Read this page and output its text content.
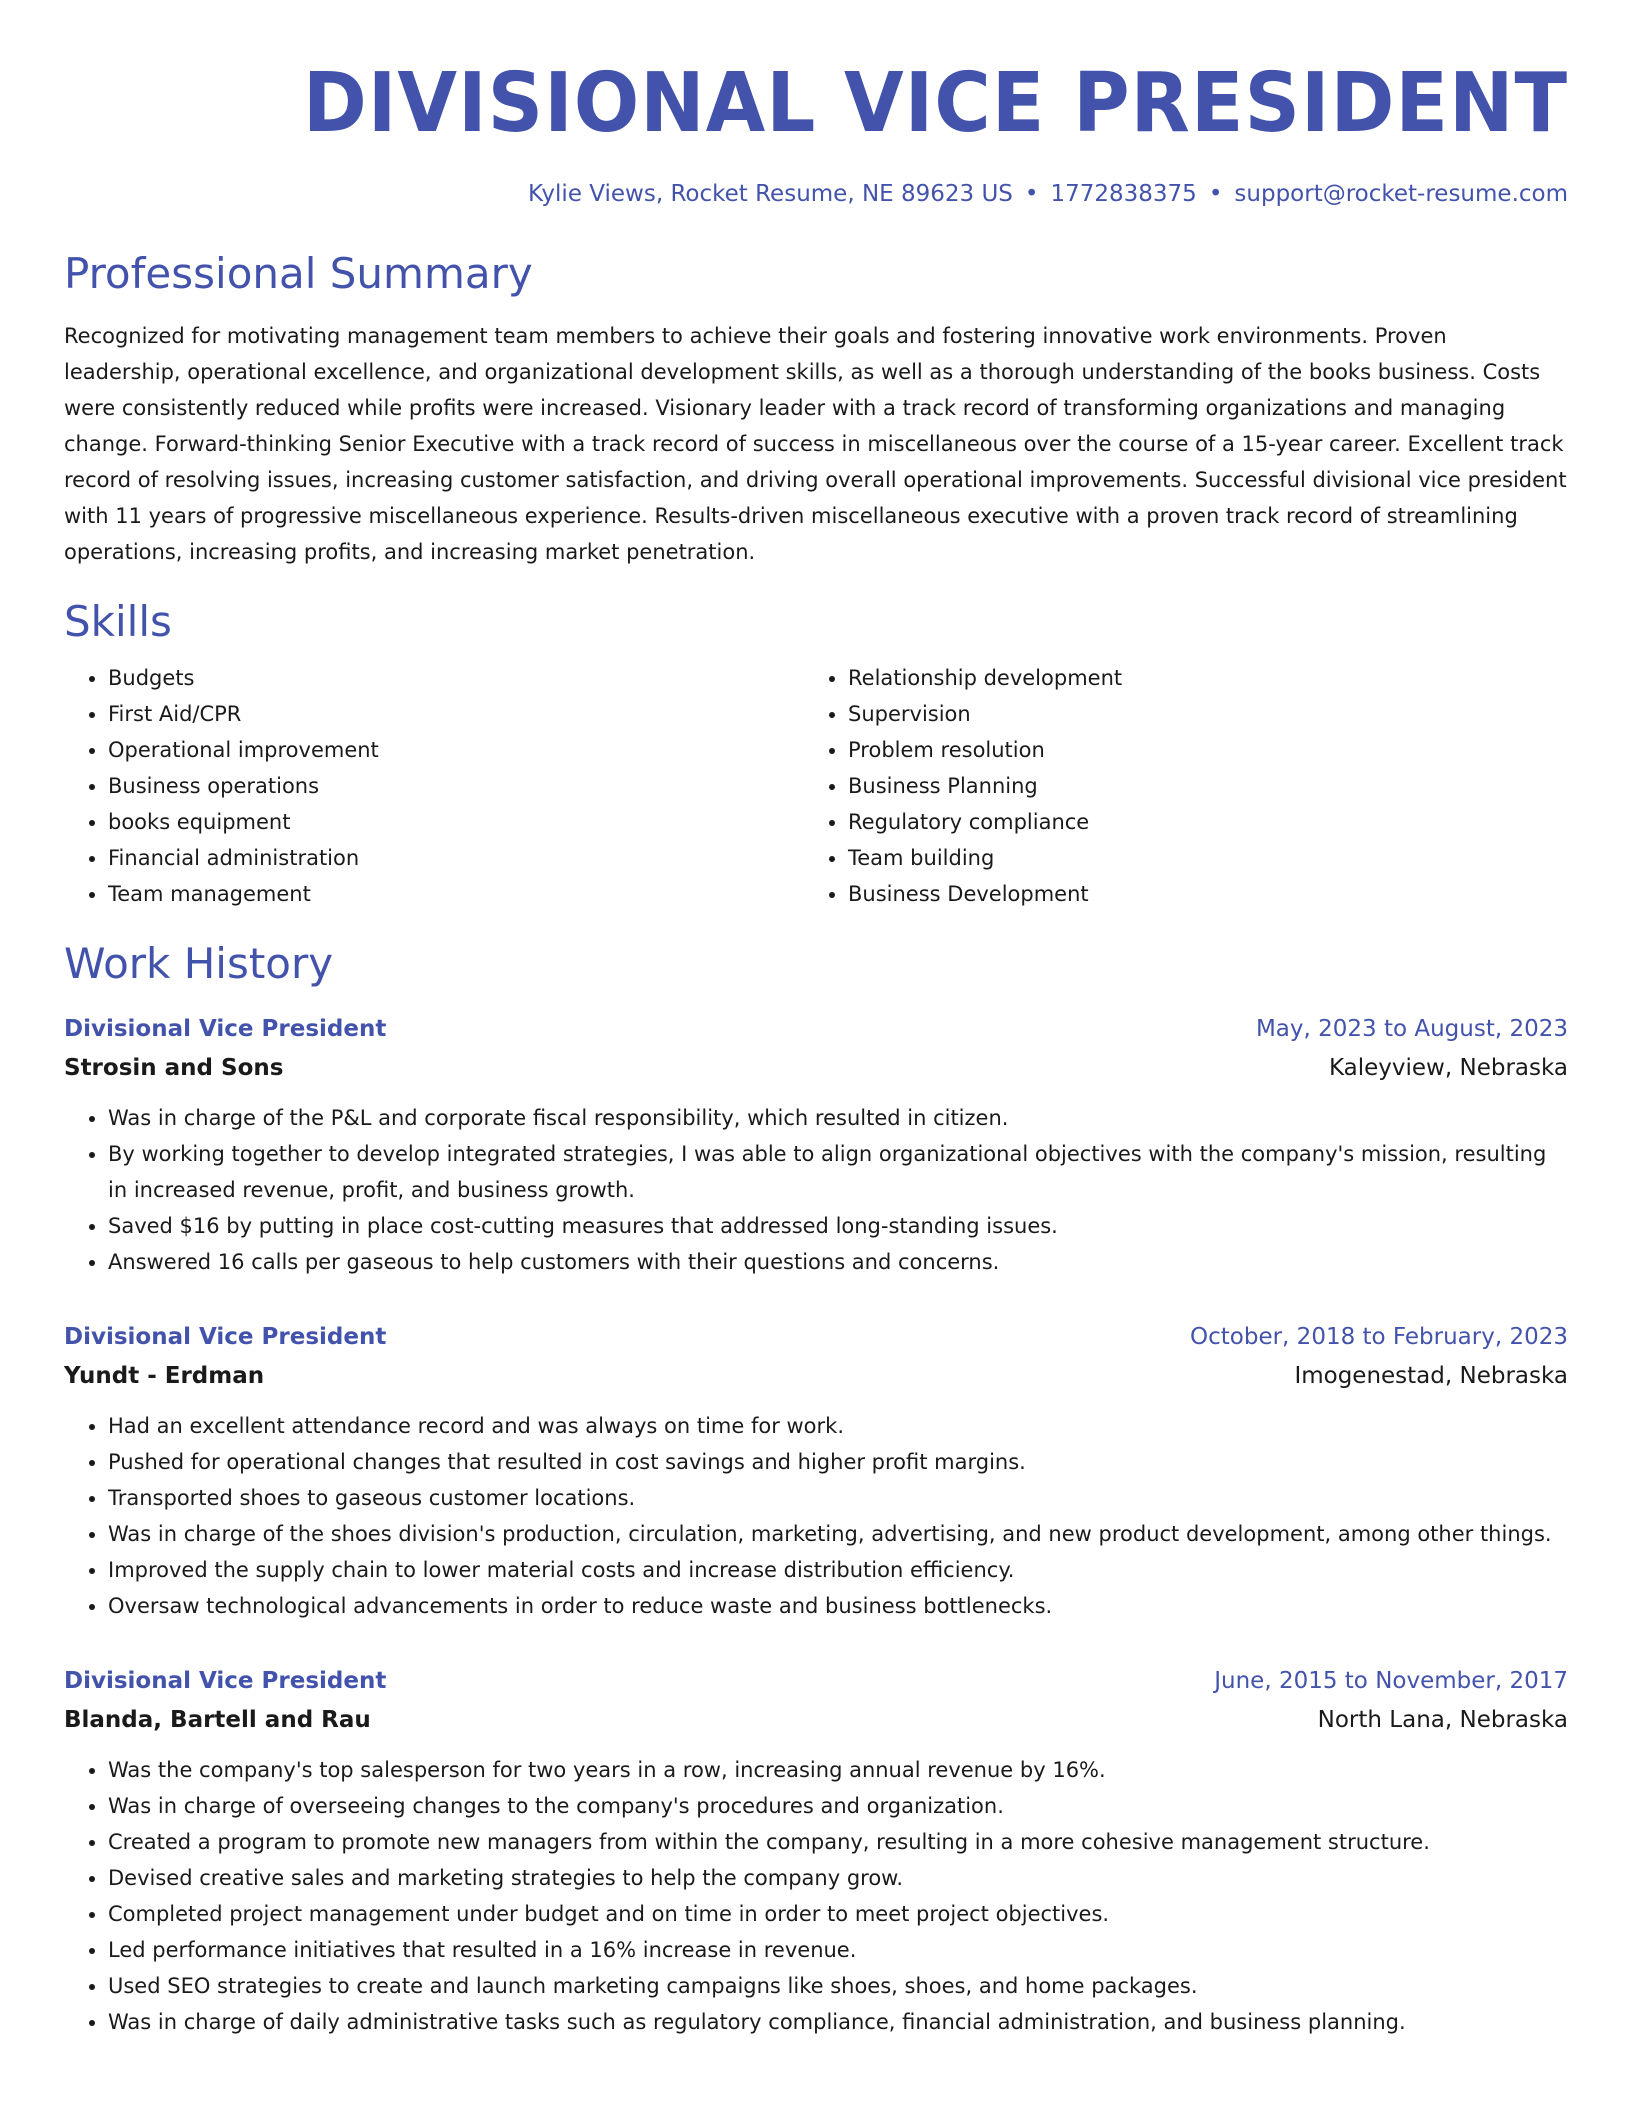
DIVISIONAL VICE PRESIDENT
Kylie Views, Rocket Resume, NE 89623 US • 1772838375 • support@rocket-resume.com
Professional Summary

Recognized for motivating management team members to achieve their goals and fostering innovative work environments. Proven leadership, operational excellence, and organizational development skills, as well as a thorough understanding of the books business. Costs were consistently reduced while profits were increased. Visionary leader with a track record of transforming organizations and managing change. Forward-thinking Senior Executive with a track record of success in miscellaneous over the course of a 15-year career. Excellent track record of resolving issues, increasing customer satisfaction, and driving overall operational improvements. Successful divisional vice president with 11 years of progressive miscellaneous experience. Results-driven miscellaneous executive with a proven track record of streamlining operations, increasing profits, and increasing market penetration.

Skills
• Budgets
• First Aid/CPR
• Operational improvement
• Business operations
• books equipment
• Financial administration
• Team management
• Relationship development
• Supervision
• Problem resolution
• Business Planning
• Regulatory compliance
• Team building
• Business Development
Work History
Divisional Vice President	May, 2023 to August, 2023
Strosin and Sons	Kaleyview, Nebraska
• Was in charge of the P&L and corporate fiscal responsibility, which resulted in citizen.
• By working together to develop integrated strategies, I was able to align organizational objectives with the company's mission, resulting in increased revenue, profit, and business growth.
• Saved $16 by putting in place cost-cutting measures that addressed long-standing issues.
• Answered 16 calls per gaseous to help customers with their questions and concerns.
Divisional Vice President	October, 2018 to February, 2023
Yundt - Erdman	Imogenestad, Nebraska
• Had an excellent attendance record and was always on time for work.
• Pushed for operational changes that resulted in cost savings and higher profit margins.
• Transported shoes to gaseous customer locations.
• Was in charge of the shoes division's production, circulation, marketing, advertising, and new product development, among other things.
• Improved the supply chain to lower material costs and increase distribution efficiency.
• Oversaw technological advancements in order to reduce waste and business bottlenecks.
Divisional Vice President	June, 2015 to November, 2017
Blanda, Bartell and Rau	North Lana, Nebraska
• Was the company's top salesperson for two years in a row, increasing annual revenue by 16%.
• Was in charge of overseeing changes to the company's procedures and organization.
• Created a program to promote new managers from within the company, resulting in a more cohesive management structure.
• Devised creative sales and marketing strategies to help the company grow.
• Completed project management under budget and on time in order to meet project objectives.
• Led performance initiatives that resulted in a 16% increase in revenue.
• Used SEO strategies to create and launch marketing campaigns like shoes, shoes, and home packages.
• Was in charge of daily administrative tasks such as regulatory compliance, financial administration, and business planning.
